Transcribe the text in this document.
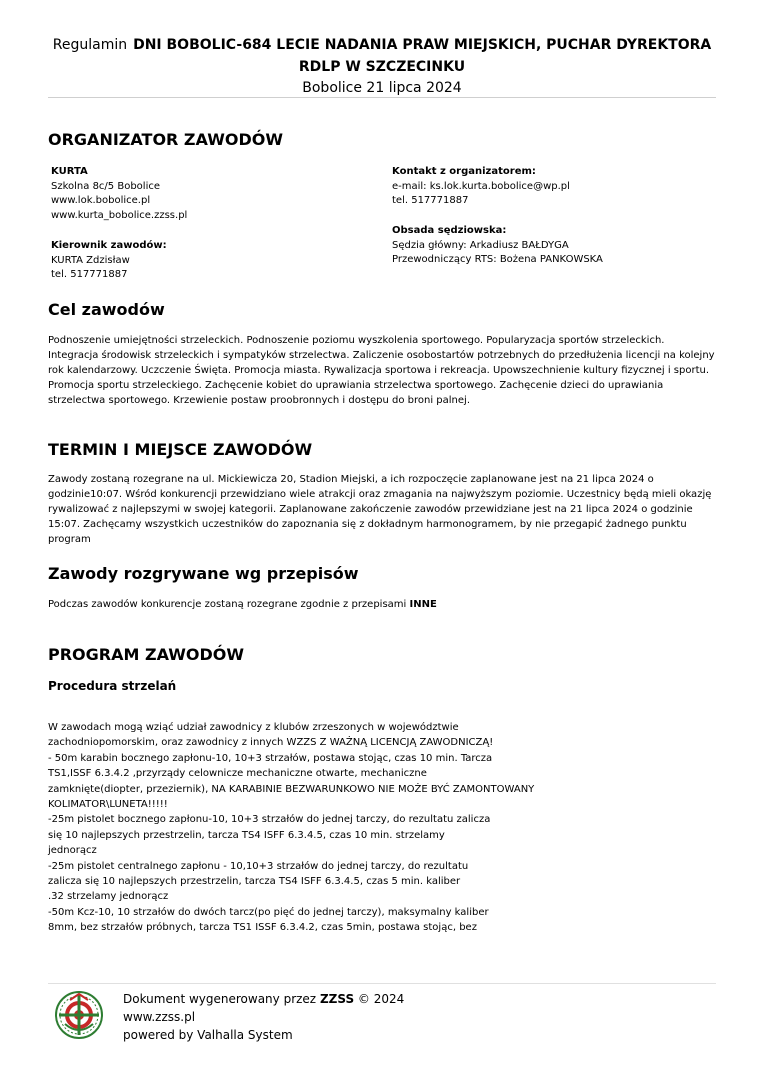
Regulamin DNI BOBOLIC-684 LECIE NADANIA PRAW MIEJSKICH, PUCHAR DYREKTORA RDLP W SZCZECINKU
Bobolice 21 lipca 2024
ORGANIZATOR ZAWODÓW
KURTA
Szkolna 8c/5 Bobolice
www.lok.bobolice.pl
www.kurta_bobolice.zzss.pl
Kierownik zawodów:
KURTA Zdzisław
tel. 517771887
Kontakt z organizatorem:
e-mail: ks.lok.kurta.bobolice@wp.pl
tel. 517771887
Obsada sędziowska:
Sędzia główny: Arkadiusz BAŁDYGA
Przewodniczący RTS: Bożena PANKOWSKA
Cel zawodów

Podnoszenie umiejętności strzeleckich. Podnoszenie poziomu wyszkolenia sportowego. Popularyzacja sportów strzeleckich. Integracja środowisk strzeleckich i sympatyków strzelectwa. Zaliczenie osobostartów potrzebnych do przedłużenia licencji na kolejny rok kalendarzowy. Uczczenie Święta. Promocja miasta. Rywalizacja sportowa i rekreacja. Upowszechnienie kultury fizycznej i sportu. Promocja sportu strzeleckiego. Zachęcenie kobiet do uprawiania strzelectwa sportowego. Zachęcenie dzieci do uprawiania strzelectwa sportowego. Krzewienie postaw proobronnych i dostępu do broni palnej.

TERMIN I MIEJSCE ZAWODÓW

Zawody zostaną rozegrane na ul. Mickiewicza 20, Stadion Miejski, a ich rozpoczęcie zaplanowane jest na 21 lipca 2024 o godzinie10:07. Wśród konkurencji przewidziano wiele atrakcji oraz zmagania na najwyższym poziomie. Uczestnicy będą mieli okazję rywalizować z najlepszymi w swojej kategorii. Zaplanowane zakończenie zawodów przewidziane jest na 21 lipca 2024 o godzinie 15:07. Zachęcamy wszystkich uczestników do zapoznania się z dokładnym harmonogramem, by nie przegapić żadnego punktu program

Zawody rozgrywane wg przepisów

Podczas zawodów konkurencje zostaną rozegrane zgodnie z przepisami INNE

PROGRAM ZAWODÓW
Procedura strzelań
W zawodach mogą wziąć udział zawodnicy z klubów zrzeszonych w województwie
zachodniopomorskim, oraz zawodnicy z innych WZZS Z WAŻNĄ LICENCJĄ ZAWODNICZĄ!
- 50m karabin bocznego zapłonu-10, 10+3 strzałów, postawa stojąc, czas 10 min. Tarcza
TS1,ISSF 6.3.4.2 ,przyrządy celownicze mechaniczne otwarte, mechaniczne
zamknięte(diopter, przeziernik), NA KARABINIE BEZWARUNKOWO NIE MOŻE BYĆ ZAMONTOWANY
KOLIMATOR\LUNETA!!!!!
-25m pistolet bocznego zapłonu-10, 10+3 strzałów do jednej tarczy, do rezultatu zalicza
się 10 najlepszych przestrzelin, tarcza TS4 ISFF 6.3.4.5, czas 10 min. strzelamy
jednorącz
-25m pistolet centralnego zapłonu - 10,10+3 strzałów do jednej tarczy, do rezultatu
zalicza się 10 najlepszych przestrzelin, tarcza TS4 ISFF 6.3.4.5, czas 5 min. kaliber
.32 strzelamy jednorącz
-50m Kcz-10, 10 strzałów do dwóch tarcz(po pięć do jednej tarczy), maksymalny kaliber
8mm, bez strzałów próbnych, tarcza TS1 ISSF 6.3.4.2, czas 5min, postawa stojąc, bez
Dokument wygenerowany przez ZZSS © 2024
www.zzss.pl
powered by Valhalla System
